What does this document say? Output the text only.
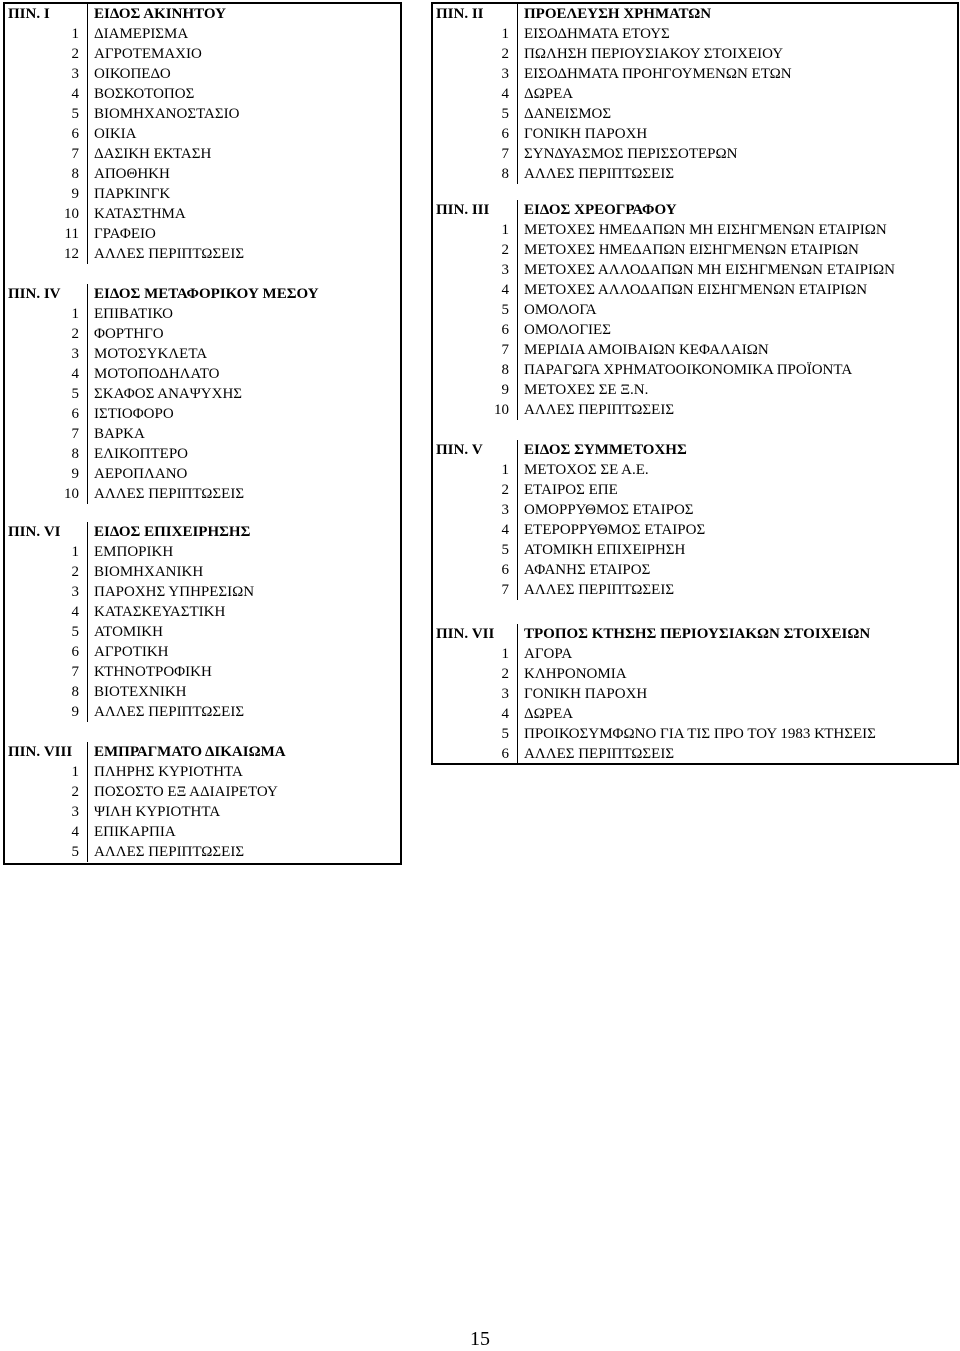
ΠΙΝ. I	ΕΙΔΟΣ ΑΚΙΝΗΤΟΥ
1	ΔΙΑΜΕΡΙΣΜΑ
2	ΑΓΡΟΤΕΜΑΧΙΟ
3	ΟΙΚΟΠΕΔΟ
4	ΒΟΣΚΟΤΟΠΟΣ
5	ΒΙΟΜΗΧΑΝΟΣΤΑΣΙΟ
6	ΟΙΚΙΑ
7	ΔΑΣΙΚΗ ΕΚΤΑΣΗ
8	ΑΠΟΘΗΚΗ
9	ΠΑΡΚΙΝΓΚ
10	ΚΑΤΑΣΤΗΜΑ
11	ΓΡΑΦΕΙΟ
12	ΑΛΛΕΣ ΠΕΡΙΠΤΩΣΕΙΣ
ΠΙΝ. IV	ΕΙΔΟΣ ΜΕΤΑΦΟΡΙΚΟΥ ΜΕΣΟΥ
1	ΕΠΙΒΑΤΙΚΟ
2	ΦΟΡΤΗΓΟ
3	ΜΟΤΟΣΥΚΛΕΤΑ
4	ΜΟΤΟΠΟΔΗΛΑΤΟ
5	ΣΚΑΦΟΣ ΑΝΑΨΥΧΗΣ
6	ΙΣΤΙΟΦΟΡΟ
7	ΒΑΡΚΑ
8	ΕΛΙΚΟΠΤΕΡΟ
9	ΑΕΡΟΠΛΑΝΟ
10	ΑΛΛΕΣ ΠΕΡΙΠΤΩΣΕΙΣ
ΠΙΝ. VI	ΕΙΔΟΣ ΕΠΙΧΕΙΡΗΣΗΣ
1	ΕΜΠΟΡΙΚΗ
2	ΒΙΟΜΗΧΑΝΙΚΗ
3	ΠΑΡΟΧΗΣ ΥΠΗΡΕΣΙΩΝ
4	ΚΑΤΑΣΚΕΥΑΣΤΙΚΗ
5	ΑΤΟΜΙΚΗ
6	ΑΓΡΟΤΙΚΗ
7	ΚΤΗΝΟΤΡΟΦΙΚΗ
8	ΒΙΟΤΕΧΝΙΚΗ
9	ΑΛΛΕΣ ΠΕΡΙΠΤΩΣΕΙΣ
ΠΙΝ. VIII	ΕΜΠΡΑΓΜΑΤΟ ΔΙΚΑΙΩΜΑ
1	ΠΛΗΡΗΣ ΚΥΡΙΟΤΗΤΑ
2	ΠΟΣΟΣΤΟ ΕΞ ΑΔΙΑΙΡΕΤΟΥ
3	ΨΙΛΗ ΚΥΡΙΟΤΗΤΑ
4	ΕΠΙΚΑΡΠΙΑ
5	ΑΛΛΕΣ ΠΕΡΙΠΤΩΣΕΙΣ
ΠΙΝ. II	ΠΡΟΕΛΕΥΣΗ ΧΡΗΜΑΤΩΝ
1	ΕΙΣΟΔΗΜΑΤΑ ΕΤΟΥΣ
2	ΠΩΛΗΣΗ ΠΕΡΙΟΥΣΙΑΚΟΥ ΣΤΟΙΧΕΙΟΥ
3	ΕΙΣΟΔΗΜΑΤΑ ΠΡΟΗΓΟΥΜΕΝΩΝ ΕΤΩΝ
4	ΔΩΡΕΑ
5	ΔΑΝΕΙΣΜΟΣ
6	ΓΟΝΙΚΗ ΠΑΡΟΧΗ
7	ΣΥΝΔΥΑΣΜΟΣ ΠΕΡΙΣΣΟΤΕΡΩΝ
8	ΑΛΛΕΣ ΠΕΡΙΠΤΩΣΕΙΣ
ΠΙΝ. III	ΕΙΔΟΣ ΧΡΕΟΓΡΑΦΟΥ
1	ΜΕΤΟΧΕΣ ΗΜΕΔΑΠΩΝ ΜΗ ΕΙΣΗΓΜΕΝΩΝ ΕΤΑΙΡΙΩΝ
2	ΜΕΤΟΧΕΣ ΗΜΕΔΑΠΩΝ ΕΙΣΗΓΜΕΝΩΝ ΕΤΑΙΡΙΩΝ
3	ΜΕΤΟΧΕΣ ΑΛΛΟΔΑΠΩΝ ΜΗ ΕΙΣΗΓΜΕΝΩΝ ΕΤΑΙΡΙΩΝ
4	ΜΕΤΟΧΕΣ ΑΛΛΟΔΑΠΩΝ ΕΙΣΗΓΜΕΝΩΝ ΕΤΑΙΡΙΩΝ
5	ΟΜΟΛΟΓΑ
6	ΟΜΟΛΟΓΙΕΣ
7	ΜΕΡΙΔΙΑ ΑΜΟΙΒΑΙΩΝ ΚΕΦΑΛΑΙΩΝ
8	ΠΑΡΑΓΩΓΑ ΧΡΗΜΑΤΟΟΙΚΟΝΟΜΙΚΑ ΠΡΟΪΟΝΤΑ
9	ΜΕΤΟΧΕΣ ΣΕ Ξ.Ν.
10	ΑΛΛΕΣ ΠΕΡΙΠΤΩΣΕΙΣ
ΠΙΝ. V	ΕΙΔΟΣ ΣΥΜΜΕΤΟΧΗΣ
1	ΜΕΤΟΧΟΣ ΣΕ Α.Ε.
2	ΕΤΑΙΡΟΣ ΕΠΕ
3	ΟΜΟΡΡΥΘΜΟΣ ΕΤΑΙΡΟΣ
4	ΕΤΕΡΟΡΡΥΘΜΟΣ ΕΤΑΙΡΟΣ
5	ΑΤΟΜΙΚΗ ΕΠΙΧΕΙΡΗΣΗ
6	ΑΦΑΝΗΣ ΕΤΑΙΡΟΣ
7	ΑΛΛΕΣ ΠΕΡΙΠΤΩΣΕΙΣ
ΠΙΝ. VII	ΤΡΟΠΟΣ ΚΤΗΣΗΣ ΠΕΡΙΟΥΣΙΑΚΩΝ ΣΤΟΙΧΕΙΩΝ
1	ΑΓΟΡΑ
2	ΚΛΗΡΟΝΟΜΙΑ
3	ΓΟΝΙΚΗ ΠΑΡΟΧΗ
4	ΔΩΡΕΑ
5	ΠΡΟΙΚΟΣΥΜΦΩΝΟ ΓΙΑ ΤΙΣ ΠΡΟ ΤΟΥ 1983 ΚΤΗΣΕΙΣ
6	ΑΛΛΕΣ ΠΕΡΙΠΤΩΣΕΙΣ
15
